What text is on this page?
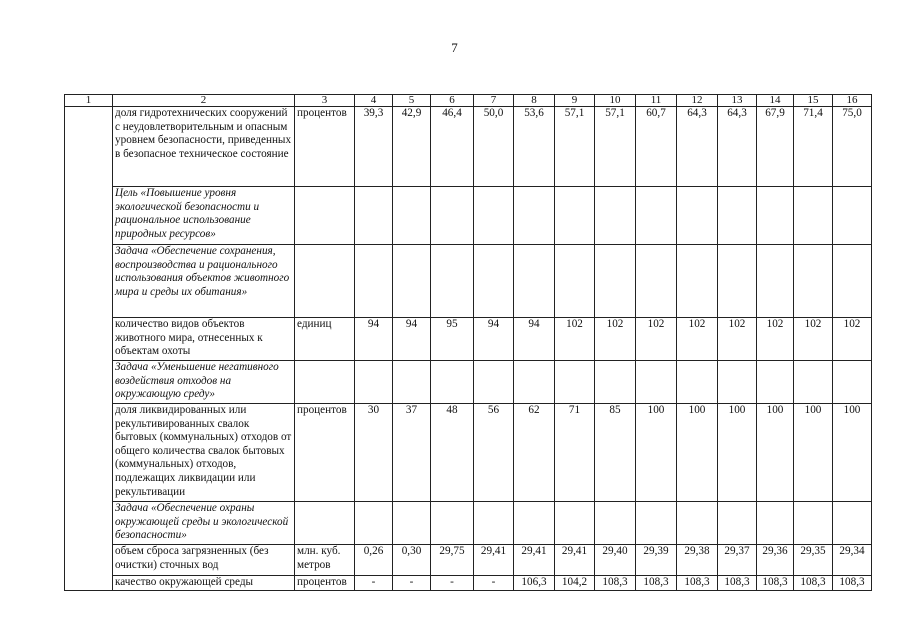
7
1	2	3	4	5	6	7	8	9	10	11	12	13	14	15	16
	доля гидротехнических сооружений с неудовлетворительным и опасным уровнем безопасности, приведенных в безопасное техническое состояние	процентов	39,3	42,9	46,4	50,0	53,6	57,1	57,1	60,7	64,3	64,3	67,9	71,4	75,0
	Цель «Повышение уровня экологической безопасности и рациональное использование природных ресурсов»														
	Задача «Обеспечение сохранения, воспроизводства и рационального использования объектов животного мира и среды их обитания»														
	количество видов объектов животного мира, отнесенных к объектам охоты	единиц	94	94	95	94	94	102	102	102	102	102	102	102	102
	Задача «Уменьшение негативного воздействия отходов на окружающую среду»														
	доля ликвидированных или рекультивированных свалок бытовых (коммунальных) отходов от общего количества свалок бытовых (коммунальных) отходов, подлежащих ликвидации или рекультивации	процентов	30	37	48	56	62	71	85	100	100	100	100	100	100
	Задача «Обеспечение охраны окружающей среды и экологической безопасности»														
	объем сброса загрязненных (без очистки) сточных вод	млн. куб. метров	0,26	0,30	29,75	29,41	29,41	29,41	29,40	29,39	29,38	29,37	29,36	29,35	29,34
	качество окружающей среды	процентов	-	-	-	-	106,3	104,2	108,3	108,3	108,3	108,3	108,3	108,3	108,3
